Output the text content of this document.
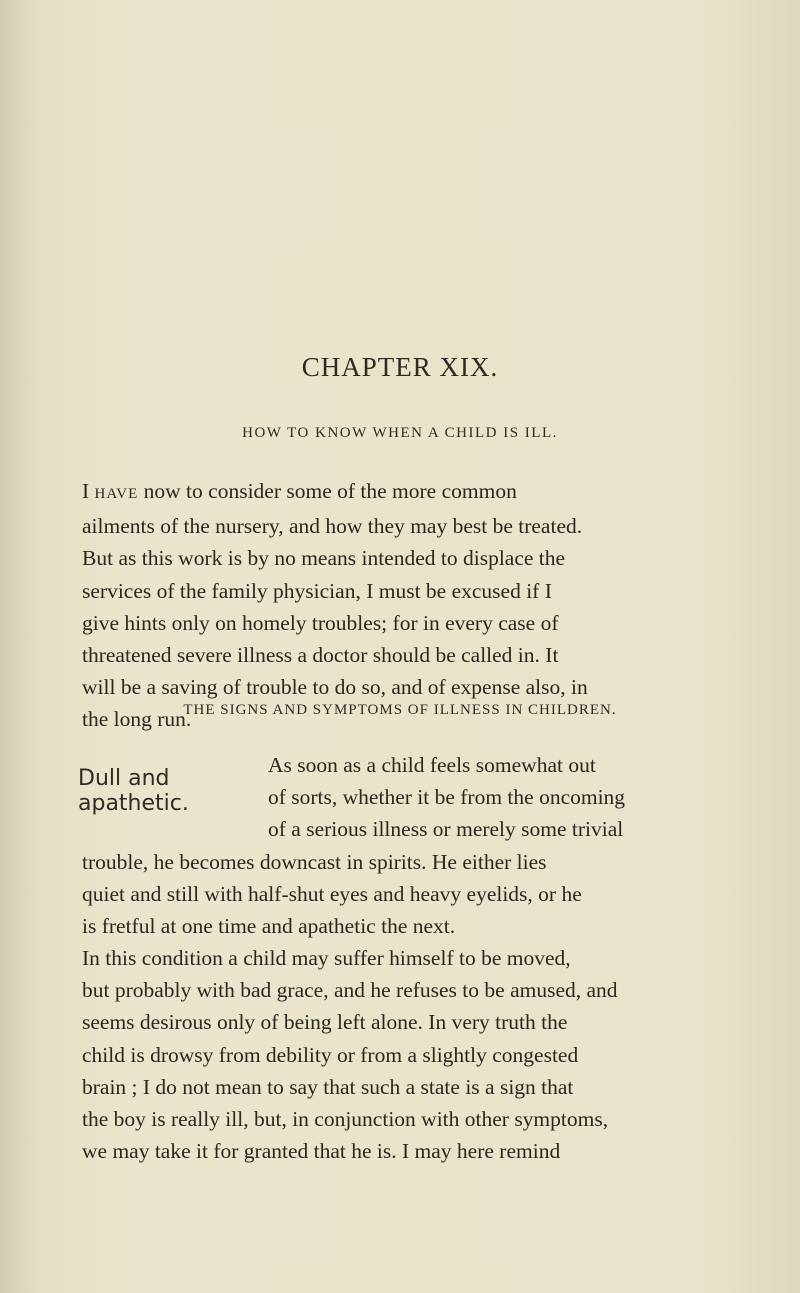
CHAPTER XIX.
HOW TO KNOW WHEN A CHILD IS ILL.
I HAVE now to consider some of the more common
ailments of the nursery, and how they may best be treated.
But as this work is by no means intended to displace the
services of the family physician, I must be excused if I
give hints only on homely troubles; for in every case of
threatened severe illness a doctor should be called in. It
will be a saving of trouble to do so, and of expense also, in
the long run.
THE SIGNS AND SYMPTOMS OF ILLNESS IN CHILDREN.
Dull and
apathetic.
As soon as a child feels somewhat out
of sorts, whether it be from the oncoming
of a serious illness or merely some trivial
trouble, he becomes downcast in spirits. He either lies
quiet and still with half-shut eyes and heavy eyelids, or he
is fretful at one time and apathetic the next.
In this condition a child may suffer himself to be moved,
but probably with bad grace, and he refuses to be amused, and
seems desirous only of being left alone. In very truth the
child is drowsy from debility or from a slightly congested
brain ; I do not mean to say that such a state is a sign that
the boy is really ill, but, in conjunction with other symptoms,
we may take it for granted that he is. I may here remind
